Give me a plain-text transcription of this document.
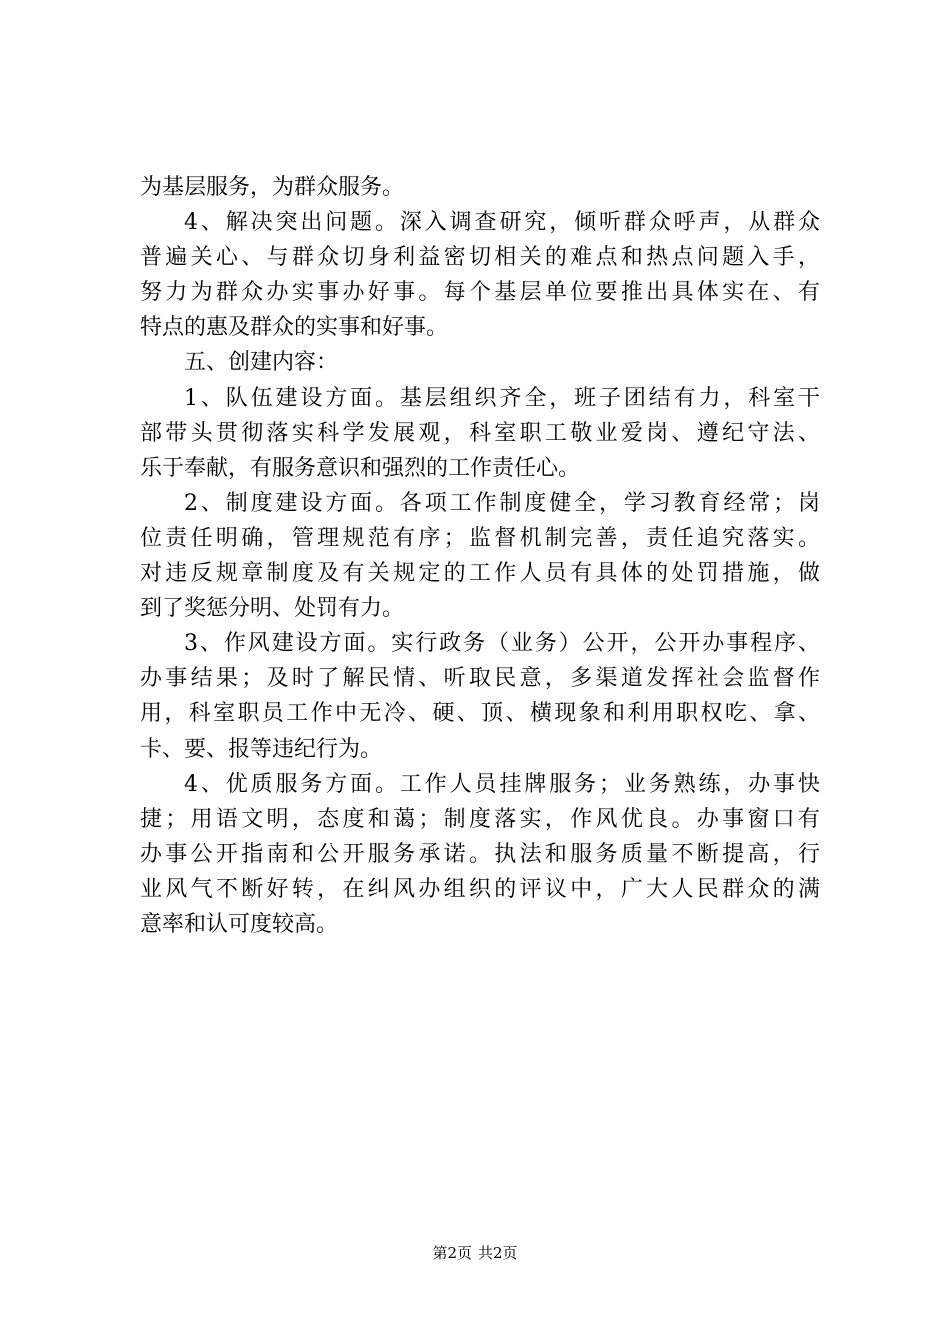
为基层服务，为群众服务。
4、解决突出问题。深入调查研究，倾听群众呼声，从群众
普遍关心、与群众切身利益密切相关的难点和热点问题入手，
努力为群众办实事办好事。每个基层单位要推出具体实在、有
特点的惠及群众的实事和好事。
五、创建内容：
1、队伍建设方面。基层组织齐全，班子团结有力，科室干
部带头贯彻落实科学发展观，科室职工敬业爱岗、遵纪守法、
乐于奉献，有服务意识和强烈的工作责任心。
2、制度建设方面。各项工作制度健全，学习教育经常；岗
位责任明确，管理规范有序；监督机制完善，责任追究落实。
对违反规章制度及有关规定的工作人员有具体的处罚措施，做
到了奖惩分明、处罚有力。
3、作风建设方面。实行政务（业务）公开，公开办事程序、
办事结果；及时了解民情、听取民意，多渠道发挥社会监督作
用，科室职员工作中无冷、硬、顶、横现象和利用职权吃、拿、
卡、要、报等违纪行为。
4、优质服务方面。工作人员挂牌服务；业务熟练，办事快
捷；用语文明，态度和蔼；制度落实，作风优良。办事窗口有
办事公开指南和公开服务承诺。执法和服务质量不断提高，行
业风气不断好转，在纠风办组织的评议中，广大人民群众的满
意率和认可度较高。
第2页 共2页
